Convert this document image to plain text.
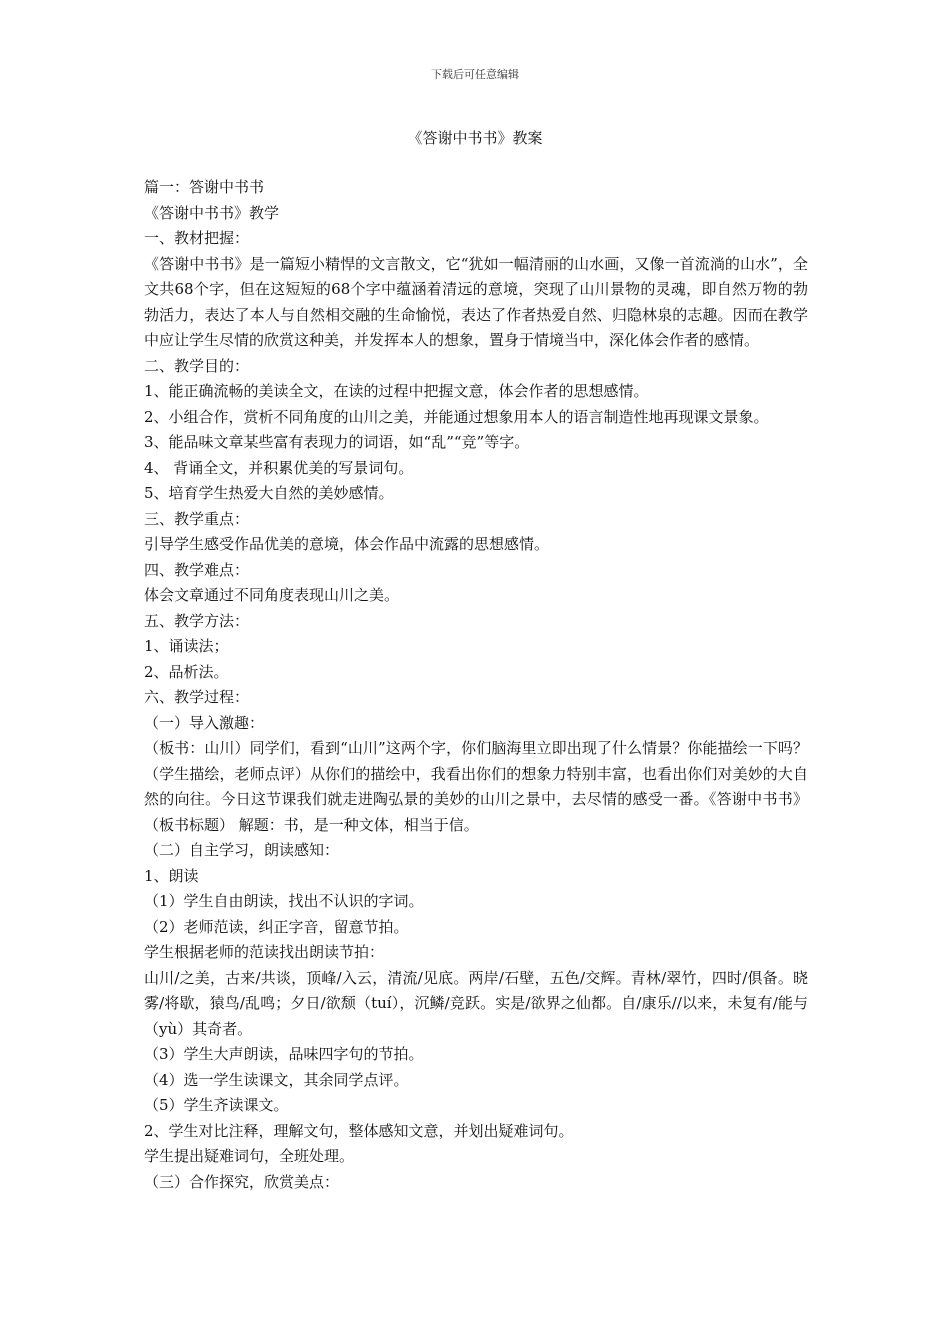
下载后可任意编辑
《答谢中书书》教案

篇一：答谢中书书

《答谢中书书》教学

一、教材把握：

《答谢中书书》是一篇短小精悍的文言散文，它“犹如一幅清丽的山水画，又像一首流淌的山水”，全文共68个字，但在这短短的68个字中蕴涵着清远的意境，突现了山川景物的灵魂，即自然万物的勃勃活力，表达了本人与自然相交融的生命愉悦，表达了作者热爱自然、归隐林泉的志趣。因而在教学中应让学生尽情的欣赏这种美，并发挥本人的想象，置身于情境当中，深化体会作者的感情。

二、教学目的：

1、能正确流畅的美读全文，在读的过程中把握文意，体会作者的思想感情。

2、小组合作，赏析不同角度的山川之美，并能通过想象用本人的语言制造性地再现课文景象。

3、能品味文章某些富有表现力的词语，如“乱”“竞”等字。

4、 背诵全文，并积累优美的写景词句。

5、培育学生热爱大自然的美妙感情。

三、教学重点：

引导学生感受作品优美的意境，体会作品中流露的思想感情。

四、教学难点：

体会文章通过不同角度表现山川之美。

五、教学方法：

1、诵读法；

2、品析法。

六、教学过程：

（一）导入激趣：

（板书：山川）同学们，看到“山川”这两个字，你们脑海里立即出现了什么情景？你能描绘一下吗？（学生描绘，老师点评）从你们的描绘中，我看出你们的想象力特别丰富，也看出你们对美妙的大自然的向往。今日这节课我们就走进陶弘景的美妙的山川之景中，去尽情的感受一番。《答谢中书书》（板书标题） 解题：书，是一种文体，相当于信。

（二）自主学习，朗读感知：

1、朗读

（1）学生自由朗读，找出不认识的字词。

（2）老师范读，纠正字音，留意节拍。

学生根据老师的范读找出朗读节拍：

山川/之美，古来/共谈，顶峰/入云，清流/见底。两岸/石壁，五色/交辉。青林/翠竹，四时/俱备。晓雾/将歇，猿鸟/乱鸣；夕日/欲颓（tuí），沉鳞/竞跃。实是/欲界之仙都。自/康乐//以来，未复有/能与（yù）其奇者。

（3）学生大声朗读，品味四字句的节拍。

（4）选一学生读课文，其余同学点评。

（5）学生齐读课文。

2、学生对比注释，理解文句，整体感知文意，并划出疑难词句。

学生提出疑难词句，全班处理。

（三）合作探究，欣赏美点：
